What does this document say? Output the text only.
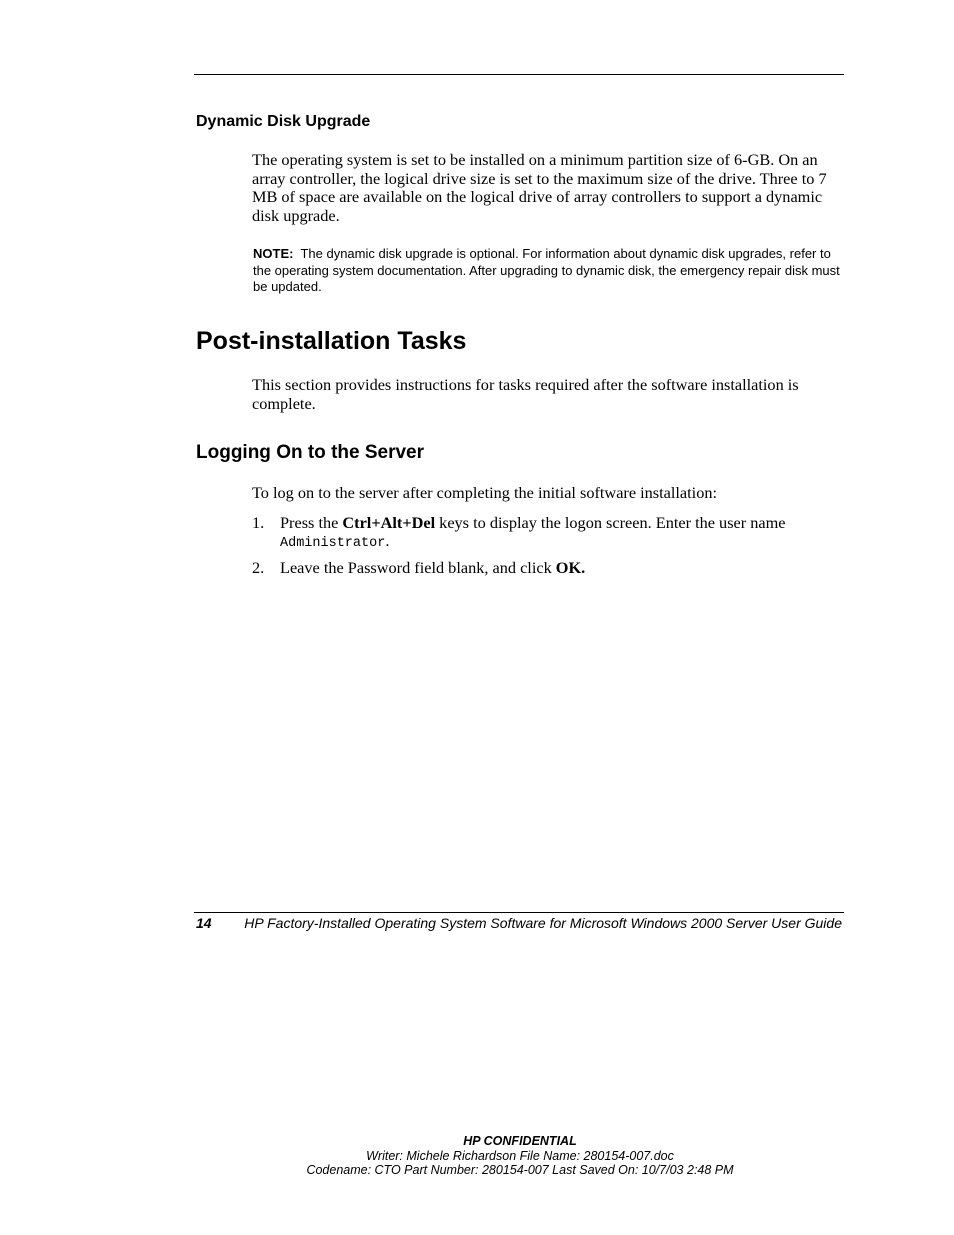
Dynamic Disk Upgrade

The operating system is set to be installed on a minimum partition size of 6-GB. On an array controller, the logical drive size is set to the maximum size of the drive. Three to 7 MB of space are available on the logical drive of array controllers to support a dynamic disk upgrade.

NOTE: The dynamic disk upgrade is optional. For information about dynamic disk upgrades, refer to the operating system documentation. After upgrading to dynamic disk, the emergency repair disk must be updated.

Post-installation Tasks

This section provides instructions for tasks required after the software installation is complete.

Logging On to the Server

To log on to the server after completing the initial software installation:

1. Press the Ctrl+Alt+Del keys to display the logon screen. Enter the user name
Administrator.
2. Leave the Password field blank, and click OK.
14 HP Factory-Installed Operating System Software for Microsoft Windows 2000 Server User Guide
HP CONFIDENTIAL
Writer: Michele Richardson File Name: 280154-007.doc
Codename: CTO Part Number: 280154-007 Last Saved On: 10/7/03 2:48 PM
